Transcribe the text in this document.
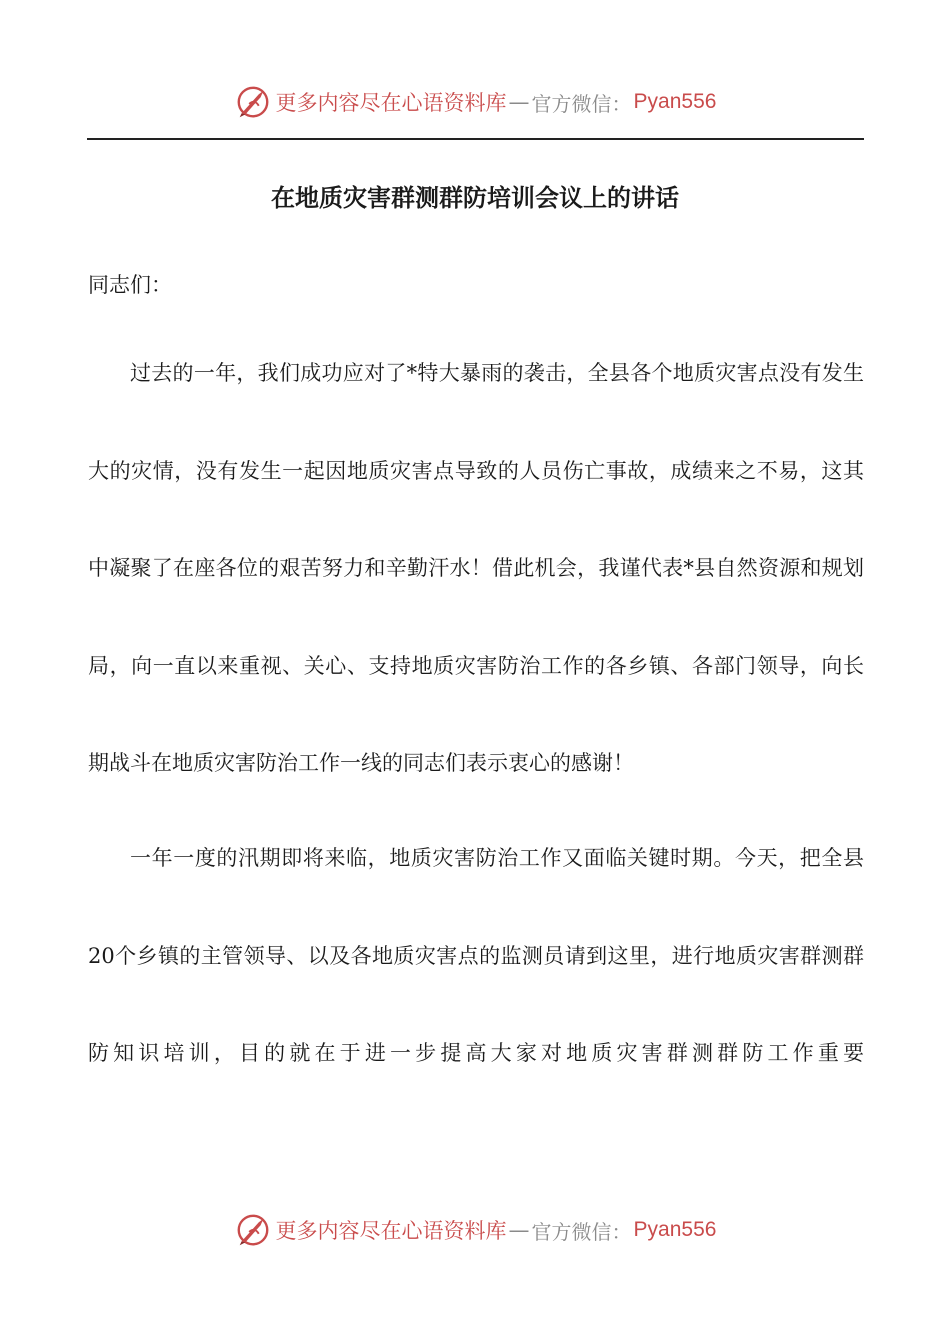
更多内容尽在心语资料库 — 官方微信： Pyan556
在地质灾害群测群防培训会议上的讲话

同志们：

过去的一年，我们成功应对了*特大暴雨的袭击，全县各个地质灾害点没有发生大的灾情，没有发生一起因地质灾害点导致的人员伤亡事故，成绩来之不易，这其中凝聚了在座各位的艰苦努力和辛勤汗水！借此机会，我谨代表*县自然资源和规划局，向一直以来重视、关心、支持地质灾害防治工作的各乡镇、各部门领导，向长期战斗在地质灾害防治工作一线的同志们表示衷心的感谢！

一年一度的汛期即将来临，地质灾害防治工作又面临关键时期。今天，把全县20个乡镇的主管领导、以及各地质灾害点的监测员请到这里，进行地质灾害群测群防知识培训，目的就在于进一步提高大家对地质灾害群测群防工作重要

更多内容尽在心语资料库 — 官方微信： Pyan556
